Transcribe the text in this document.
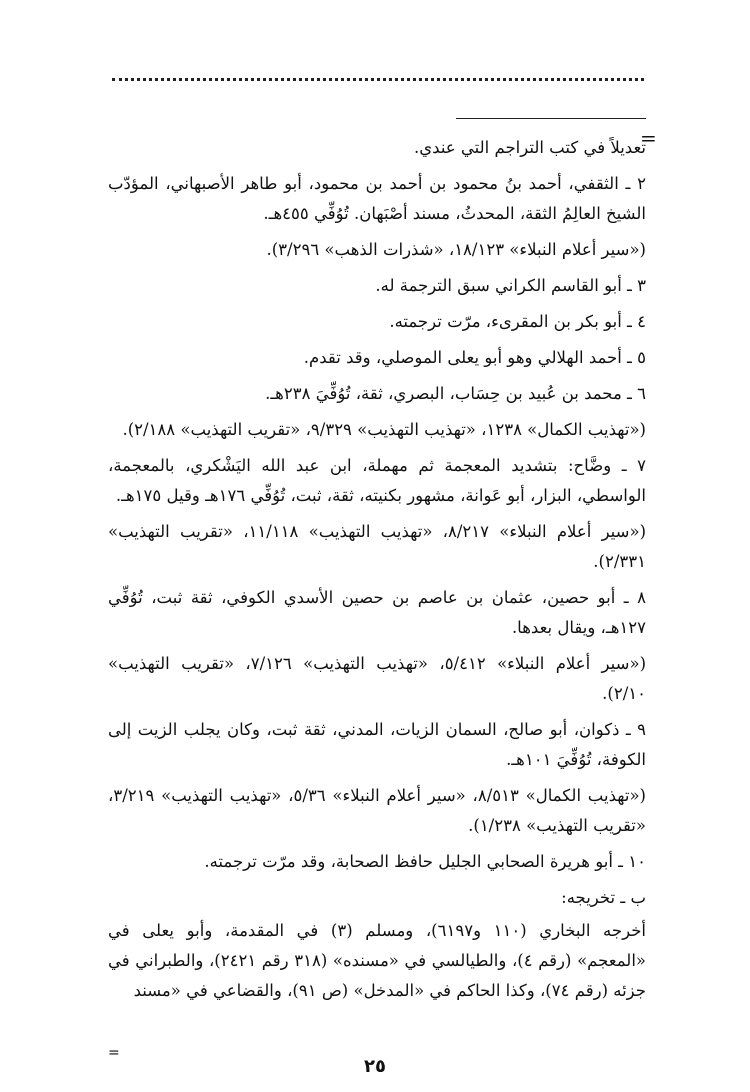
=

تعديلاً في كتب التراجم التي عندي.

٢ ـ الثقفي، أحمد بنُ محمود بن أحمد بن محمود، أبو طاهر الأصبهاني، المؤدّب الشيخ العالِمُ الثقة، المحدثُ، مسند أصْبَهان. تُوُفِّي ٤٥٥هـ.

(«سير أعلام النبلاء» ١٨/١٢٣، «شذرات الذهب» ٣/٢٩٦).

٣ ـ أبو القاسم الكراني سبق الترجمة له.

٤ ـ أبو بكر بن المقرىء، مرّت ترجمته.

٥ ـ أحمد الهلالي وهو أبو يعلى الموصلي، وقد تقدم.

٦ ـ محمد بن عُبيد بن حِسَاب، البصري، ثقة، تُوُفِّيَ ٢٣٨هـ.

(«تهذيب الكمال» ١٢٣٨، «تهذيب التهذيب» ٩/٣٢٩، «تقريب التهذيب» ٢/١٨٨).

٧ ـ وضَّاح: بتشديد المعجمة ثم مهملة، ابن عبد الله اليَشْكري، بالمعجمة، الواسطي، البزار، أبو عَوانة، مشهور بكنيته، ثقة، ثبت، تُوُفِّي ١٧٦هـ وقيل ١٧٥هـ.

(«سير أعلام النبلاء» ٨/٢١٧، «تهذيب التهذيب» ١١/١١٨، «تقريب التهذيب» ٢/٣٣١).

٨ ـ أبو حصين، عثمان بن عاصم بن حصين الأسدي الكوفي، ثقة ثبت، تُوُفِّي ١٢٧هـ، ويقال بعدها.

(«سير أعلام النبلاء» ٥/٤١٢، «تهذيب التهذيب» ٧/١٢٦، «تقريب التهذيب» ٢/١٠).

٩ ـ ذكوان، أبو صالح، السمان الزيات، المدني، ثقة ثبت، وكان يجلب الزيت إلى الكوفة، تُوُفِّيَ ١٠١هـ.

(«تهذيب الكمال» ٨/٥١٣، «سير أعلام النبلاء» ٥/٣٦، «تهذيب التهذيب» ٣/٢١٩، «تقريب التهذيب» ١/٢٣٨).

١٠ ـ أبو هريرة الصحابي الجليل حافظ الصحابة، وقد مرّت ترجمته.

ب ـ تخريجه:

أخرجه البخاري (١١٠ و٦١٩٧)، ومسلم (٣) في المقدمة، وأبو يعلى في «المعجم» (رقم ٤)، والطيالسي في «مسنده» (٣١٨ رقم ٢٤٢١)، والطبراني في جزئه (رقم ٧٤)، وكذا الحاكم في «المدخل» (ص ٩١)، والقضاعي في «مسند

=
٢٥
